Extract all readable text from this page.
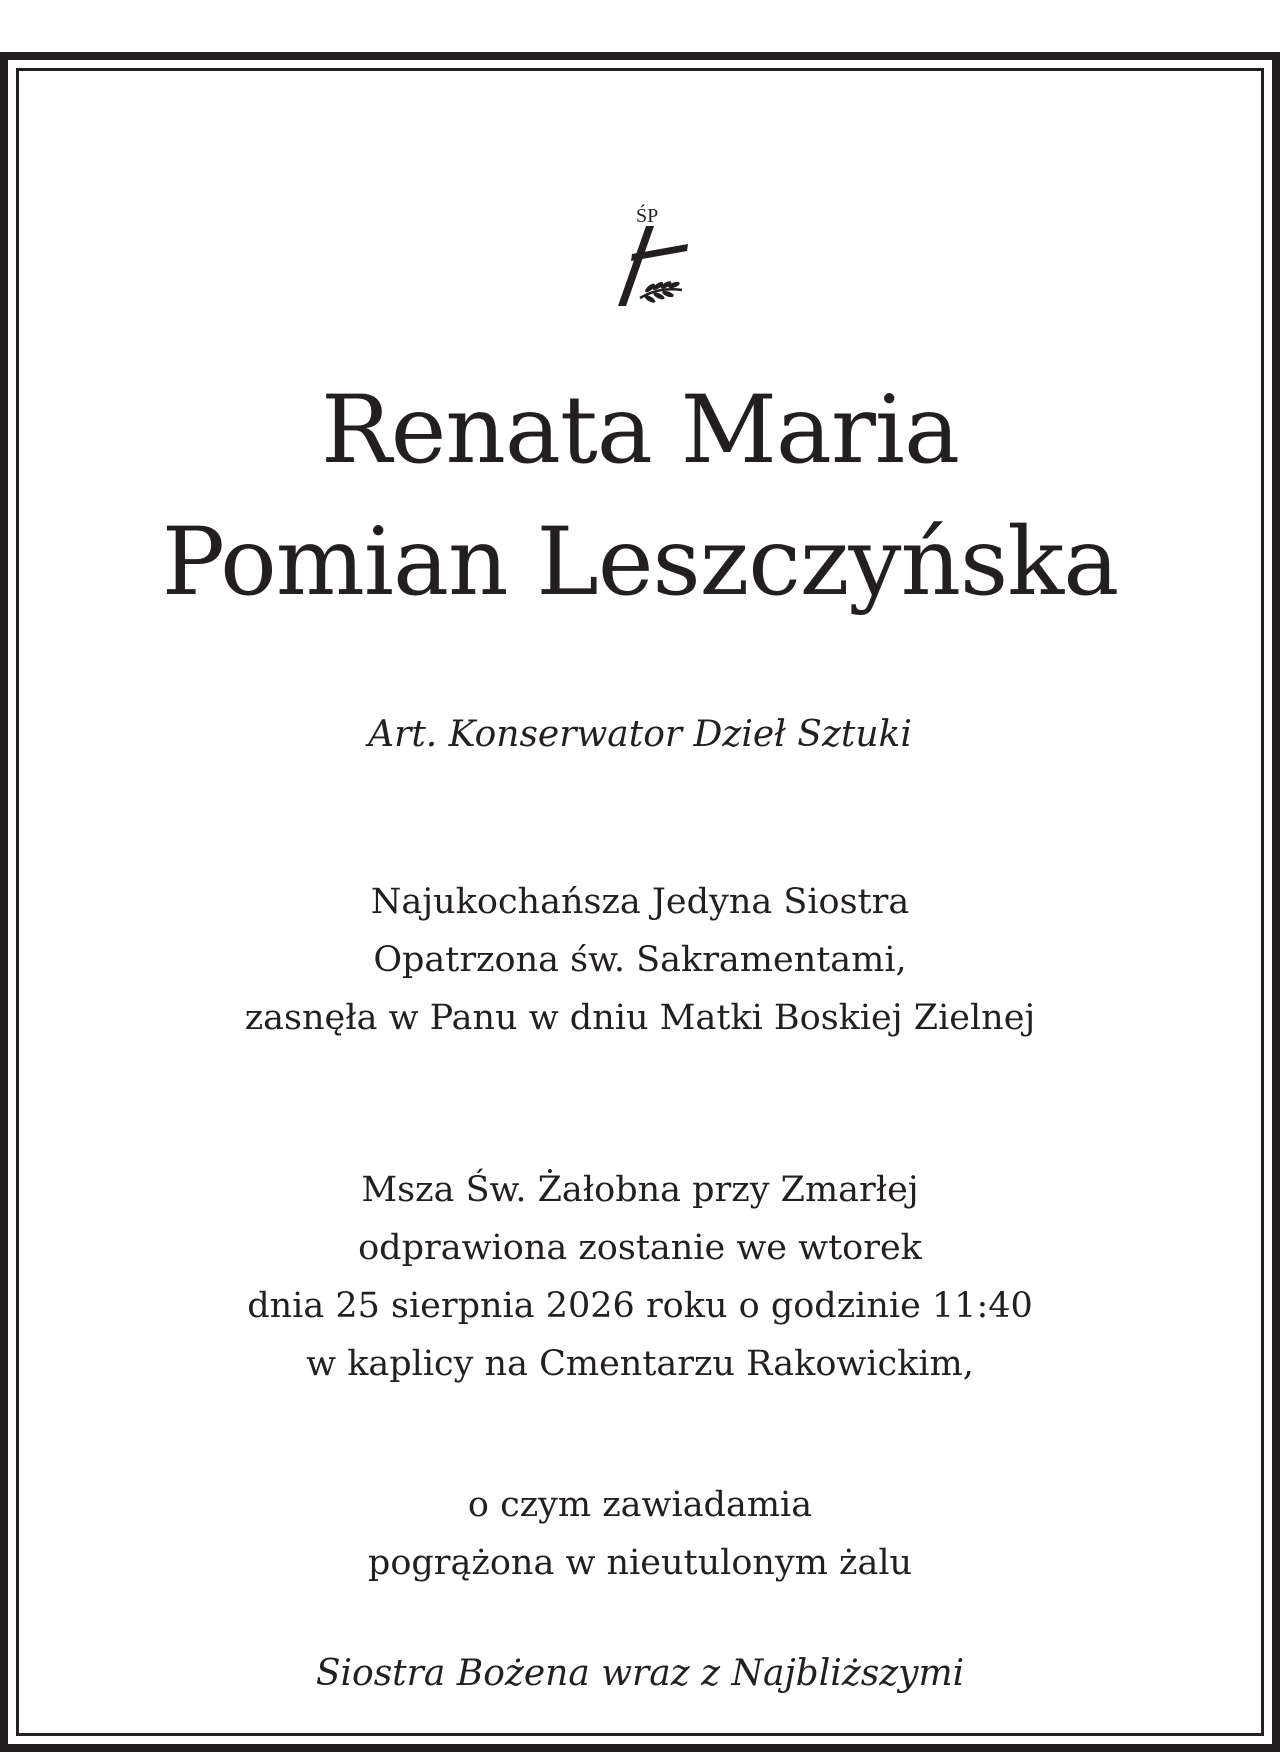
ŚP
Renata Maria
Pomian Leszczyńska
Art. Konserwator Dzieł Sztuki
Najukochańsza Jedyna Siostra
Opatrzona św. Sakramentami,
zasnęła w Panu w dniu Matki Boskiej Zielnej
Msza Św. Żałobna przy Zmarłej
odprawiona zostanie we wtorek
dnia 25 sierpnia 2026 roku o godzinie 11:40
w kaplicy na Cmentarzu Rakowickim,
o czym zawiadamia
pogrążona w nieutulonym żalu
Siostra Bożena wraz z Najbliższymi
